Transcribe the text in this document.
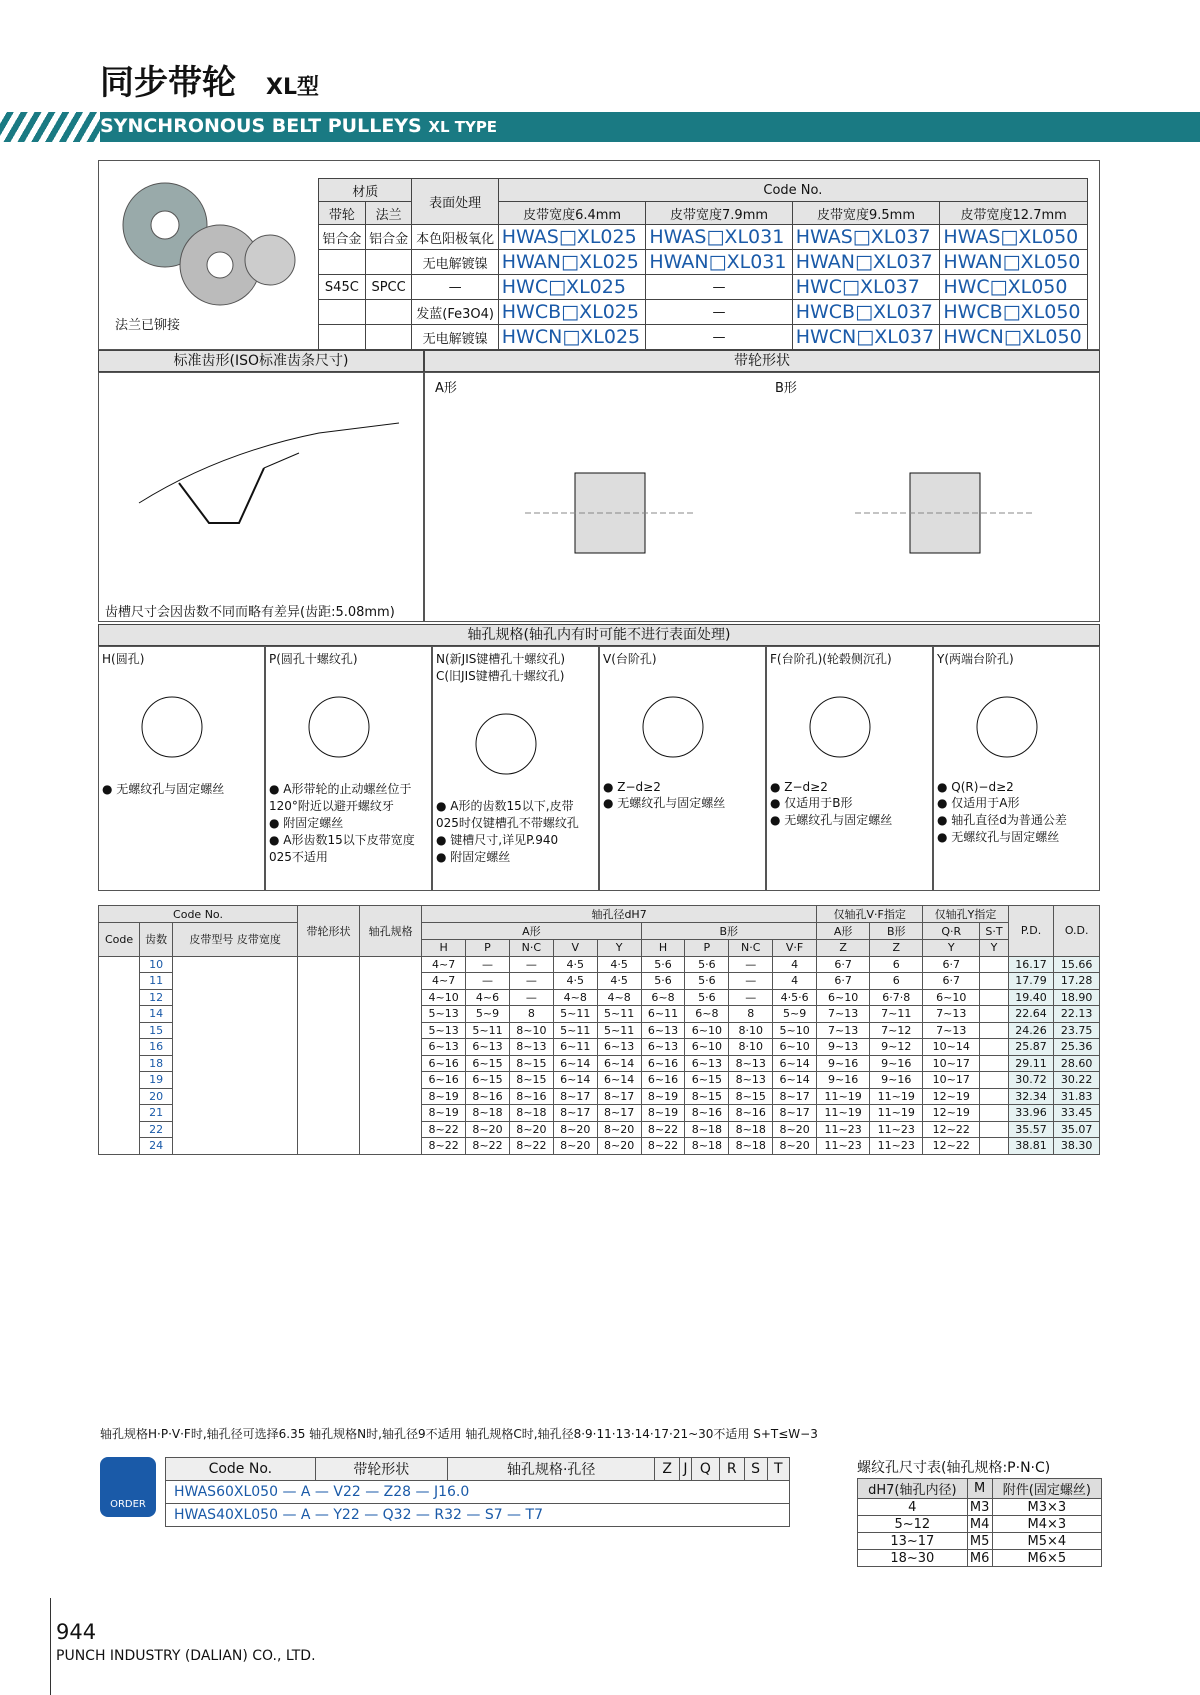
同步带轮 XL型
SYNCHRONOUS BELT PULLEYS XL TYPE
法兰已铆接
材质		表面处理	Code No.			
带轮	法兰		皮带宽度6.4mm	皮带宽度7.9mm	皮带宽度9.5mm	皮带宽度12.7mm
铝合金	铝合金	本色阳极氧化	HWAS□XL025	HWAS□XL031	HWAS□XL037	HWAS□XL050
		无电解镀镍	HWAN□XL025	HWAN□XL031	HWAN□XL037	HWAN□XL050
S45C	SPCC	—	HWC□XL025	—	HWC□XL037	HWC□XL050
		发蓝(Fe3O4)	HWCB□XL025	—	HWCB□XL037	HWCB□XL050
		无电解镀镍	HWCN□XL025	—	HWCN□XL037	HWCN□XL050
标准齿形(ISO标准齿条尺寸)	带轮形状
齿槽尺寸会因齿数不同而略有差异(齿距:5.08mm)
A形	B形
轴孔规格(轴孔内有时可能不进行表面处理)
H(圆孔)
● 无螺纹孔与固定螺丝
P(圆孔十螺纹孔)
● A形带轮的止动螺丝位于120°附近以避开螺纹牙
● 附固定螺丝
● A形齿数15以下皮带宽度025不适用
N(新JIS键槽孔十螺纹孔)
C(旧JIS键槽孔十螺纹孔)
● A形的齿数15以下,皮带025时仅键槽孔不带螺纹孔
● 键槽尺寸,详见P.940
● 附固定螺丝
V(台阶孔)
● Z−d≥2
● 无螺纹孔与固定螺丝
F(台阶孔)(轮毂侧沉孔)
● Z−d≥2
● 仅适用于B形
● 无螺纹孔与固定螺丝
Y(两端台阶孔)
● Q(R)−d≥2
● 仅适用于A形
● 轴孔直径d为普通公差
● 无螺纹孔与固定螺丝
Code No.			带轮形状	轴孔规格	轴孔径dH7									仅轴孔V·F指定		仅轴孔Y指定		P.D.	O.D.
Code	齿数	皮带型号 皮带宽度			A形					B形				A形	B形	Q·R	S·T		
					H	P	N·C	V	Y	H	P	N·C	V·F	Z	Z	Y	Y		
	10				4~7	—	—	4·5	4·5	5·6	5·6	—	4	6·7	6	6·7		16.17	15.66
	11				4~7	—	—	4·5	4·5	5·6	5·6	—	4	6·7	6	6·7		17.79	17.28
	12				4~10	4~6	—	4~8	4~8	6~8	5·6	—	4·5·6	6~10	6·7·8	6~10		19.40	18.90
	14				5~13	5~9	8	5~11	5~11	6~11	6~8	8	5~9	7~13	7~11	7~13		22.64	22.13
	15				5~13	5~11	8~10	5~11	5~11	6~13	6~10	8·10	5~10	7~13	7~12	7~13		24.26	23.75
	16				6~13	6~13	8~13	6~11	6~13	6~13	6~10	8·10	6~10	9~13	9~12	10~14		25.87	25.36
	18				6~16	6~15	8~15	6~14	6~14	6~16	6~13	8~13	6~14	9~16	9~16	10~17		29.11	28.60
	19				6~16	6~15	8~15	6~14	6~14	6~16	6~15	8~13	6~14	9~16	9~16	10~17		30.72	30.22
	20				8~19	8~16	8~16	8~17	8~17	8~19	8~15	8~15	8~17	11~19	11~19	12~19		32.34	31.83
	21				8~19	8~18	8~18	8~17	8~17	8~19	8~16	8~16	8~17	11~19	11~19	12~19		33.96	33.45
	22				8~22	8~20	8~20	8~20	8~20	8~22	8~18	8~18	8~20	11~23	11~23	12~22		35.57	35.07
	24				8~22	8~22	8~22	8~20	8~20	8~22	8~18	8~18	8~20	11~23	11~23	12~22		38.81	38.30
轴孔规格H·P·V·F时,轴孔径可选择6.35 轴孔规格N时,轴孔径9不适用 轴孔规格C时,轴孔径8·9·11·13·14·17·21~30不适用 S+T≤W−3
ORDER
Code No.	带轮形状	轴孔规格·孔径	Z	J	Q	R	S	T
HWAS60XL050 — A — V22 — Z28 — J16.0
HWAS40XL050 — A — Y22 — Q32 — R32 — S7 — T7
螺纹孔尺寸表(轴孔规格:P·N·C)
dH7(轴孔内径)	M	附件(固定螺丝)
4	M3	M3×3
5~12	M4	M4×3
13~17	M5	M5×4
18~30	M6	M6×5
944
PUNCH INDUSTRY (DALIAN) CO., LTD.
